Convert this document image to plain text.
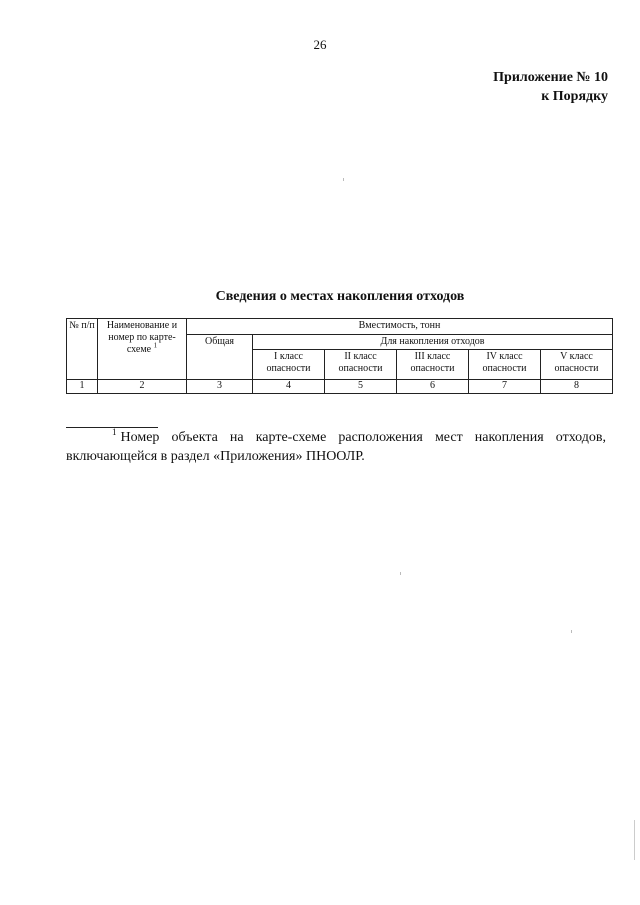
26
Приложение № 10
к Порядку
Сведения о местах накопления отходов
№ п/п	Наименование и номер по карте-схеме $^1$	Вместимость, тонн					
		Общая	Для накопления отходов				
			I класс опасности	II класс опасности	III класс опасности	IV класс опасности	V класс опасности
1	2	3	4	5	6	7	8
$^1$ Номер объекта на карте-схеме расположения мест накопления отходов, включающейся в раздел «Приложения» ПНООЛР.
